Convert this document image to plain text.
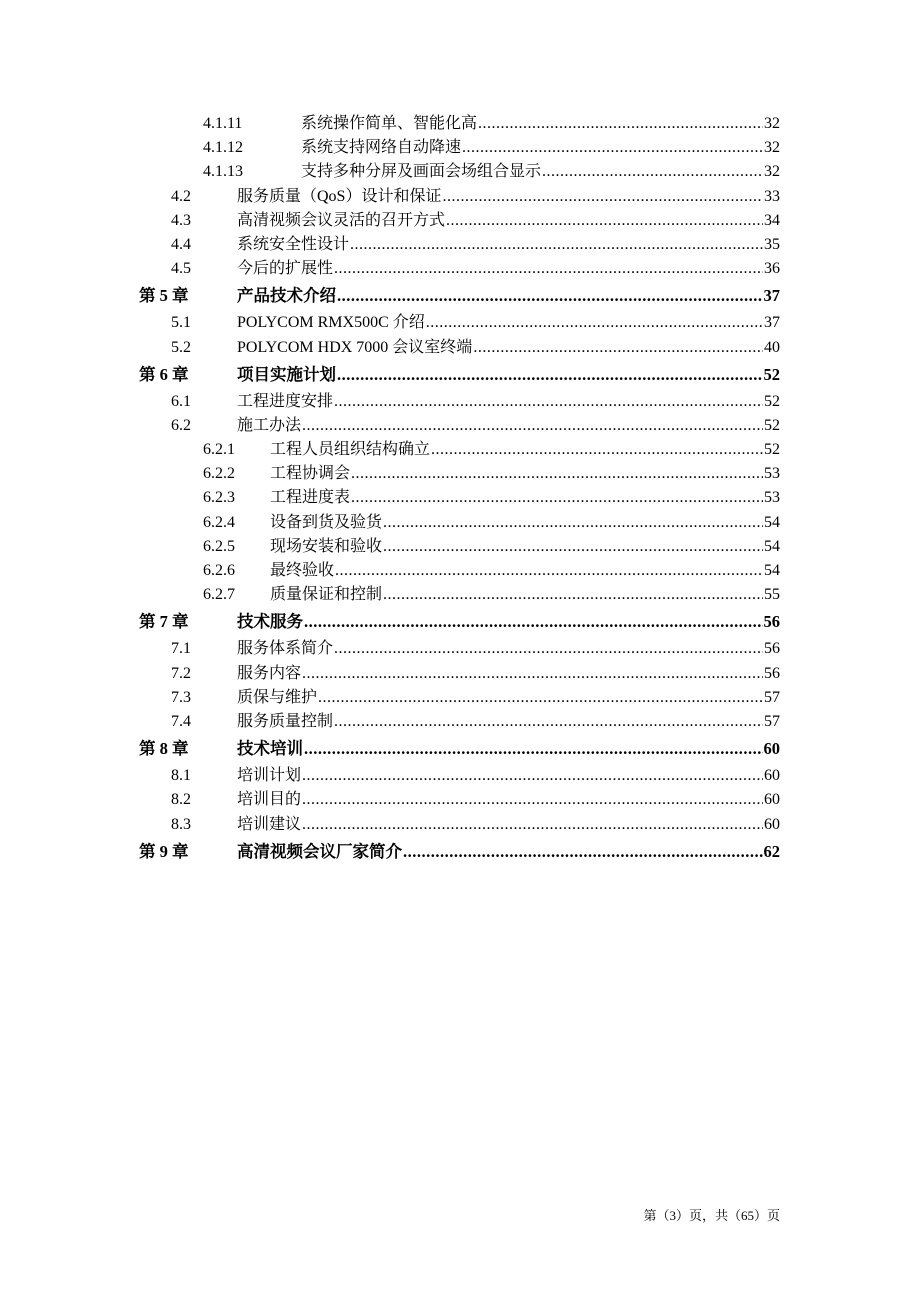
4.1.11	系统操作简单、智能化高 .....	32
4.1.12	系统支持网络自动降速 .....	32
4.1.13	支持多种分屏及画面会场组合显示 .....	32
4.2	服务质量（QoS）设计和保证 .....	33
4.3	高清视频会议灵活的召开方式 .....	34
4.4	系统安全性设计 .....	35
4.5	今后的扩展性 .....	36
第 5 章	产品技术介绍 .....	37
5.1	POLYCOM RMX500C 介绍 .....	37
5.2	POLYCOM HDX 7000 会议室终端 .....	40
第 6 章	项目实施计划 .....	52
6.1	工程进度安排 .....	52
6.2	施工办法 .....	52
6.2.1 工程人员组织结构确立 .....	52
6.2.2 工程协调会 .....	53
6.2.3 工程进度表 .....	53
6.2.4 设备到货及验货 .....	54
6.2.5 现场安装和验收 .....	54
6.2.6 最终验收 .....	54
6.2.7 质量保证和控制 .....	55
第 7 章	技术服务 .....	56
7.1	服务体系简介 .....	56
7.2	服务内容 .....	56
7.3	质保与维护 .....	57
7.4	服务质量控制 .....	57
第 8 章	技术培训 .....	60
8.1	培训计划 .....	60
8.2	培训目的 .....	60
8.3	培训建议 .....	60
第 9 章	高清视频会议厂家简介 .....	62
第（3）页，共（65）页
